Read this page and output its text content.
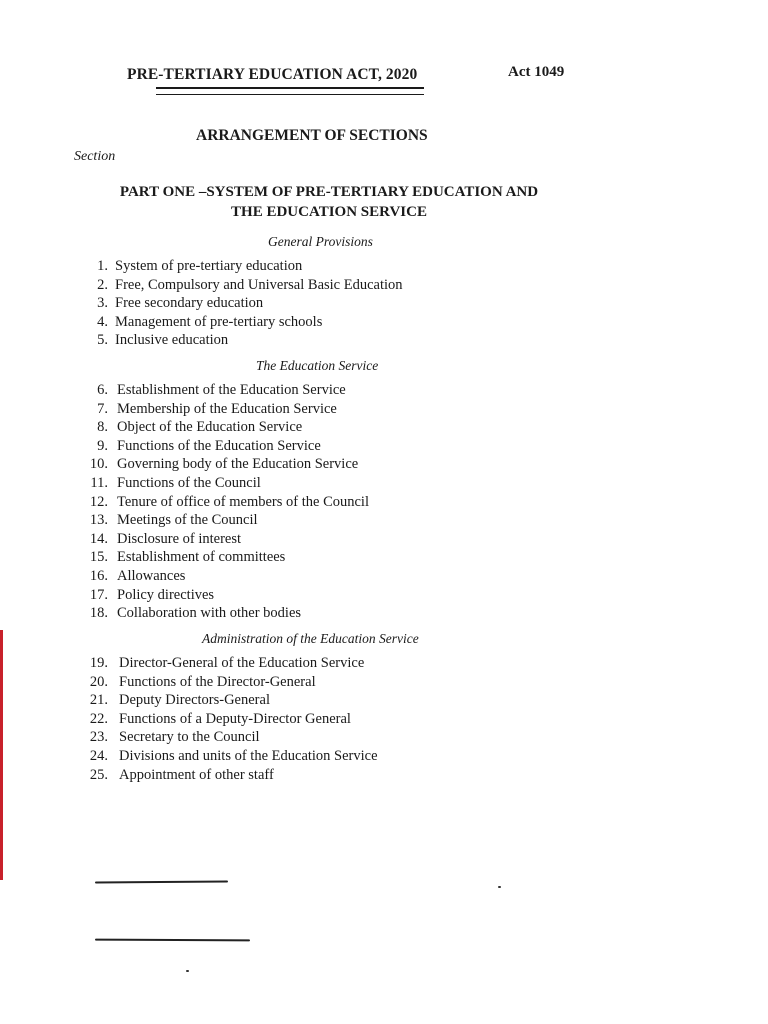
PRE-TERTIARY EDUCATION ACT, 2020	Act 1049
ARRANGEMENT OF SECTIONS
Section
PART ONE –SYSTEM OF PRE-TERTIARY EDUCATION AND
THE EDUCATION SERVICE
General Provisions
1. System of pre-tertiary education
2. Free, Compulsory and Universal Basic Education
3. Free secondary education
4. Management of pre-tertiary schools
5. Inclusive education
The Education Service
6. Establishment of the Education Service
7. Membership of the Education Service
8. Object of the Education Service
9. Functions of the Education Service
10. Governing body of the Education Service
11. Functions of the Council
12. Tenure of office of members of the Council
13. Meetings of the Council
14. Disclosure of interest
15. Establishment of committees
16. Allowances
17. Policy directives
18. Collaboration with other bodies
Administration of the Education Service
19. Director-General of the Education Service
20. Functions of the Director-General
21. Deputy Directors-General
22. Functions of a Deputy-Director General
23. Secretary to the Council
24. Divisions and units of the Education Service
25. Appointment of other staff
